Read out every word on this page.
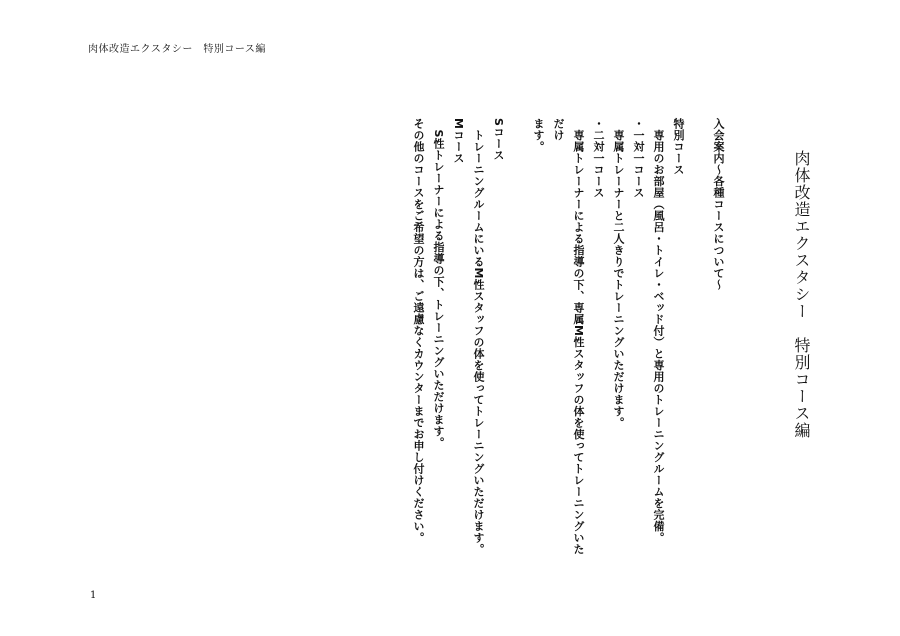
肉体改造エクスタシー　特別コース編
肉体改造エクスタシー　特別コース編
入会案内～各種コースについて～
特別コース
　専用のお部屋（風呂・トイレ・ベッド付）と専用のトレーニングルームを完備。
・一対一コース
　専属トレーナーと二人きりでトレーニングいただけます。
・二対一コース
　専属トレーナーによる指導の下、専属M性スタッフの体を使ってトレーニングいただけ
ます。
Sコース
　トレーニングルームにいるM性スタッフの体を使ってトレーニングいただけます。
Mコース
　S性トレーナーによる指導の下、トレーニングいただけます。
その他のコースをご希望の方は、ご遠慮なくカウンターまでお申し付けください。
1
